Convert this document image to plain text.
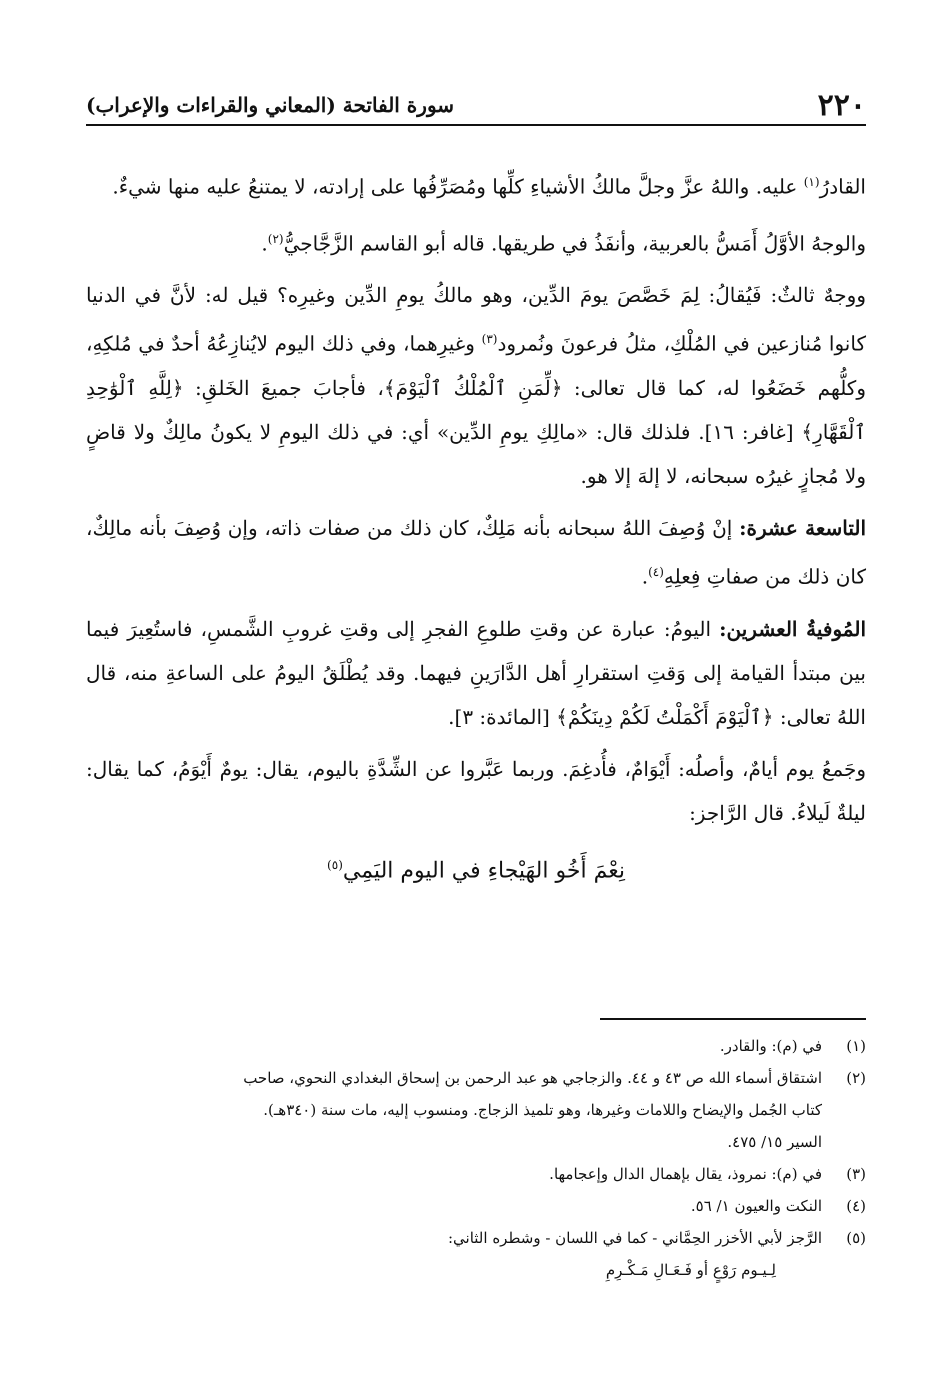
٢٢٠
سورة الفاتحة (المعاني والقراءات والإعراب)

القادرُ$^{(١)}$ عليه. واللهُ عزَّ وجلَّ مالكُ الأشياءِ كلِّها ومُصَرِّفُها على إرادته، لا يمتنعُ عليه منها شيءٌ.

والوجهُ الأوَّلُ أَمَسُّ بالعربية، وأنفَذُ في طريقها. قاله أبو القاسم الزَّجَّاجيُّ$^{(٢)}$.

ووجهٌ ثالثٌ: فَيُقالُ: لِمَ خَصَّصَ يومَ الدِّين، وهو مالكُ يومِ الدِّين وغيرِه؟ قيل له: لأنَّ في الدنيا كانوا مُنازعين في المُلْكِ، مثلُ فرعونَ ونُمرود$^{(٣)}$ وغيرِهما، وفي ذلك اليوم لايُنازِعُهُ أحدٌ في مُلكِهِ، وكلُّهم خَضَعُوا له، كما قال تعالى: ﴿لِّمَنِ ٱلْمُلْكُ ٱلْيَوْمَ﴾، فأجابَ جميعَ الخَلقِ: ﴿لِلَّهِ ٱلْوَٰحِدِ ٱلْقَهَّارِ﴾ [غافر: ١٦]. فلذلك قال: «مالِكِ يومِ الدِّين» أي: في ذلك اليومِ لا يكونُ مالِكٌ ولا قاضٍ ولا مُجازٍ غيرُه سبحانه، لا إلهَ إلا هو.

التاسعة عشرة: إنْ وُصِفَ اللهُ سبحانه بأنه مَلِكٌ، كان ذلك من صفات ذاته، وإن وُصِفَ بأنه مالِكٌ، كان ذلك من صفاتِ فِعلِهِ$^{(٤)}$.

المُوفيةُ العشرين: اليومُ: عبارة عن وقتِ طلوعِ الفجرِ إلى وقتِ غروبِ الشَّمسِ، فاستُعِيرَ فيما بين مبتدأ القيامة إلى وَقتِ استقرارِ أهل الدَّارَينِ فيهما. وقد يُطْلَقُ اليومُ على الساعةِ منه، قال اللهُ تعالى: ﴿ٱلْيَوْمَ أَكْمَلْتُ لَكُمْ دِينَكُمْ﴾ [المائدة: ٣].

وجَمعُ يوم أيامٌ، وأصلُه: أَيْوَامٌ، فأُدغِمَ. وربما عَبَّروا عن الشِّدَّةِ باليوم، يقال: يومٌ أَيْوَمُ، كما يقال: ليلةٌ لَيلاءُ. قال الرَّاجز:

نِعْمَ أَخُو الهَيْجاءِ في اليوم اليَمِي$^{(٥)}$
(١)
في (م): والقادر.
(٢)
اشتقاق أسماء الله ص ٤٣ و ٤٤. والزجاجي هو عبد الرحمن بن إسحاق البغدادي النحوي، صاحب
كتاب الجُمل والإيضاح واللامات وغيرها، وهو تلميذ الزجاج. ومنسوب إليه، مات سنة (٣٤٠هـ).
السير ١٥/ ٤٧٥.
(٣)
في (م): نمروذ، يقال بإهمال الدال وإعجامها.
(٤)
النكت والعيون ١/ ٥٦.
(٥)
الرَّجز لأبي الأخزر الحِمَّاني - كما في اللسان - وشطره الثاني:
لِـيـوم رَوْعٍ أو فَـعَـالِ مَـكْـرِمِ
